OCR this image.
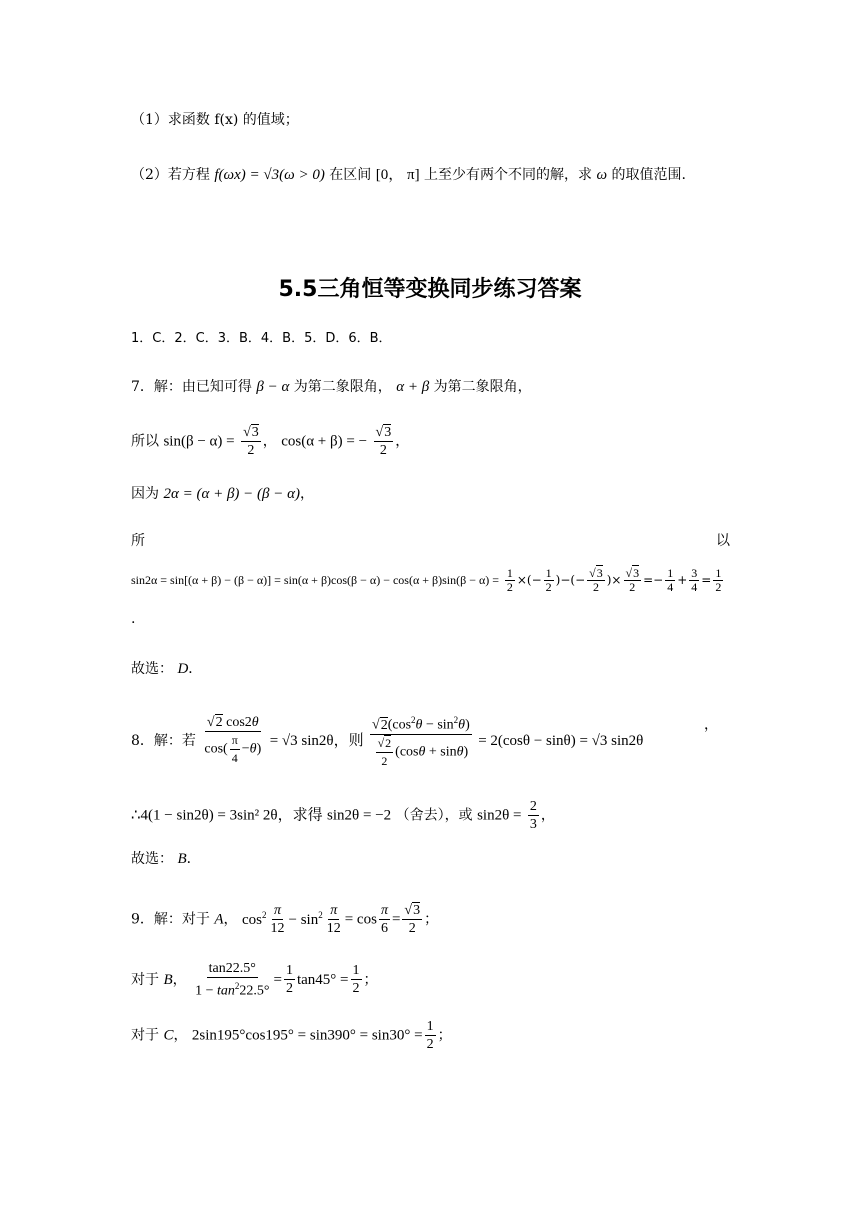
（1）求函数 f(x) 的值域；
（2）若方程 f(ωx) = √3(ω > 0) 在区间 [0， π] 上至少有两个不同的解，求 ω 的取值范围.
5.5三角恒等变换同步练习答案
1．C．2．C．3．B．4．B．5．D．6．B．
7．解：由已知可得 β − α 为第二象限角， α + β 为第二象限角，
所以 $\sin(\beta - \alpha) = \frac{√3}{2}$ ， cos(α + β) = − $\frac{√3}{2}$ ，
因为 2α = (α + β) − (β − α)，
所	以
$\sin 2\alpha = \sin[(\alpha + \beta) - (\beta - \alpha)] = \sin(\alpha + \beta)\cos(\beta - \alpha) - \cos(\alpha + \beta)\sin(\beta - \alpha) = \frac{1}{2}$ ×(− $\frac{1}{2}$ )−(− $\frac{√3}{2}$ )× $\frac{√3}{2} =- \frac{1}{4} + \frac{3}{4} = \frac{1}{2}$
.
故选： D．
8．解：若 $\frac{√2 \cos 2\theta}{\cos( \frac{\pi}{4} -\theta)} = √3$ sin2θ，则 $\frac{√2(\cos^2\theta - \sin^2\theta)}{\frac{√2}{2} (\cos\theta + \sin\theta)} = 2(\cos\theta - \sin\theta) = √3$ sin2θ
，
∴4(1 − sin2θ) = 3sin² 2θ，求得 sin2θ = −2 （舍去），或 $\sin 2\theta = \frac{2}{3}$ ，
故选： B．
9．解：对于 A， $\cos^2 \frac{\pi}{12} - \sin^2 \frac{\pi}{12} = \cos \frac{\pi}{6} = \frac{√3}{2}$ ；
对于 B， $\frac{\tan 22.5^\circ}{1 - \tan^222.5^\circ} = \frac{1}{2} \tan 45^\circ = \frac{1}{2}$ ；
对于 C， $2\sin 195^\circ\cos 195^\circ = \sin 390^\circ = \sin 30^\circ = \frac{1}{2}$ ；
